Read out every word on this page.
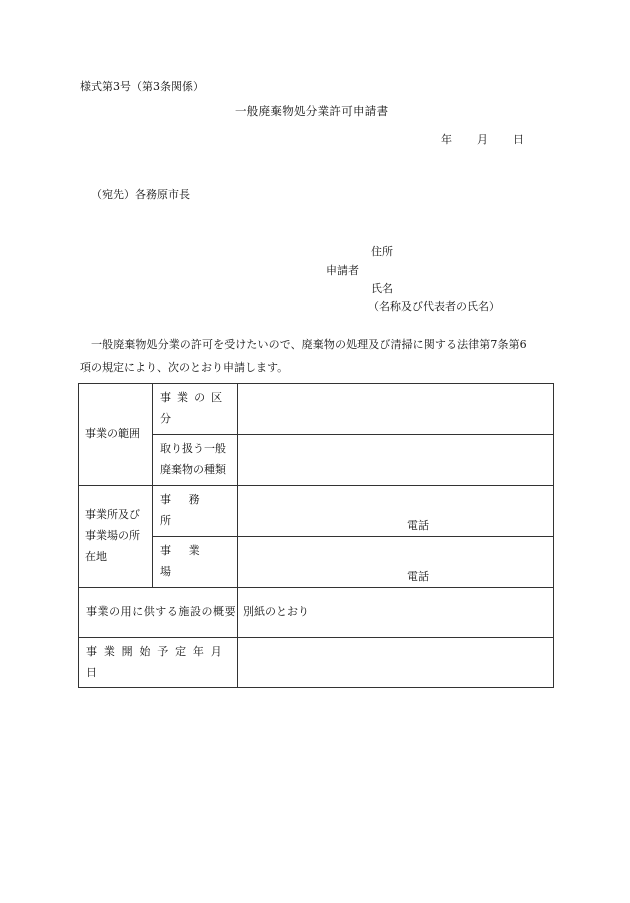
様式第3号（第3条関係）
一般廃棄物処分業許可申請書
年 月 日
（宛先）各務原市長
住所
申請者
氏名
（名称及び代表者の氏名）
一般廃棄物処分業の許可を受けたいので、廃棄物の処理及び清掃に関する法律第7条第6
項の規定により、次のとおり申請します。
事業の範囲	事業の区分	

	取り扱う一般
廃棄物の種類	

事業所及び
事業場の所
在地	事務所	電話

	事業場	電話

事業の用に供する施設の概要		別紙のとおり
事業開始予定年月日		
